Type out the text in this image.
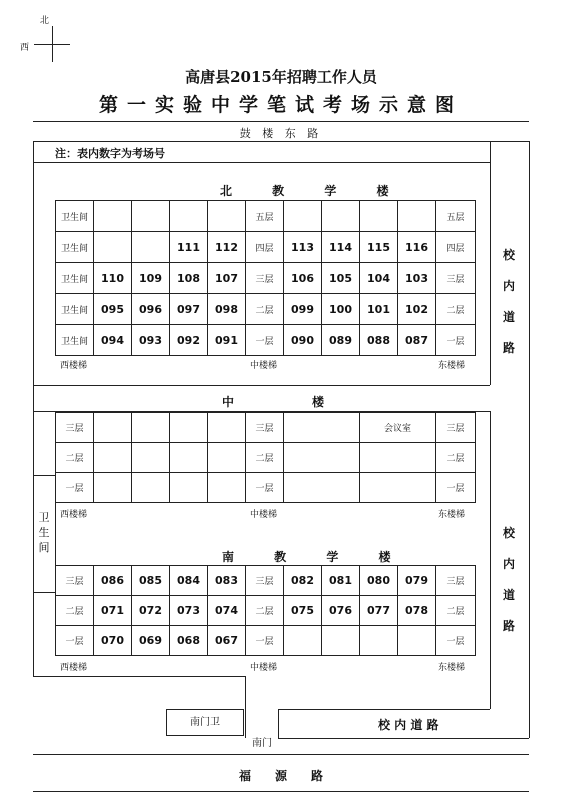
北
西
高唐县2015年招聘工作人员
第一实验中学笔试考场示意图
鼓 楼 东 路
注：表内数字为考场号
校
内
道
路
校
内
道
路
北 教 学 楼
卫生间					五层					五层
卫生间			111	112	四层	113	114	115	116	四层
卫生间	110	109	108	107	三层	106	105	104	103	三层
卫生间	095	096	097	098	二层	099	100	101	102	二层
卫生间	094	093	092	091	一层	090	089	088	087	一层
西楼梯	中楼梯	东楼梯
中　　楼
三层					三层		会议室	三层
二层					二层			二层
一层					一层			一层
西楼梯	中楼梯	东楼梯
卫
生
间
南 教 学 楼
三层	086	085	084	083	三层	082	081	080	079	三层
二层	071	072	073	074	二层	075	076	077	078	二层
一层	070	069	068	067	一层					一层
西楼梯	中楼梯	东楼梯
校 内 道 路
南门卫
南门
福　　源　　路
